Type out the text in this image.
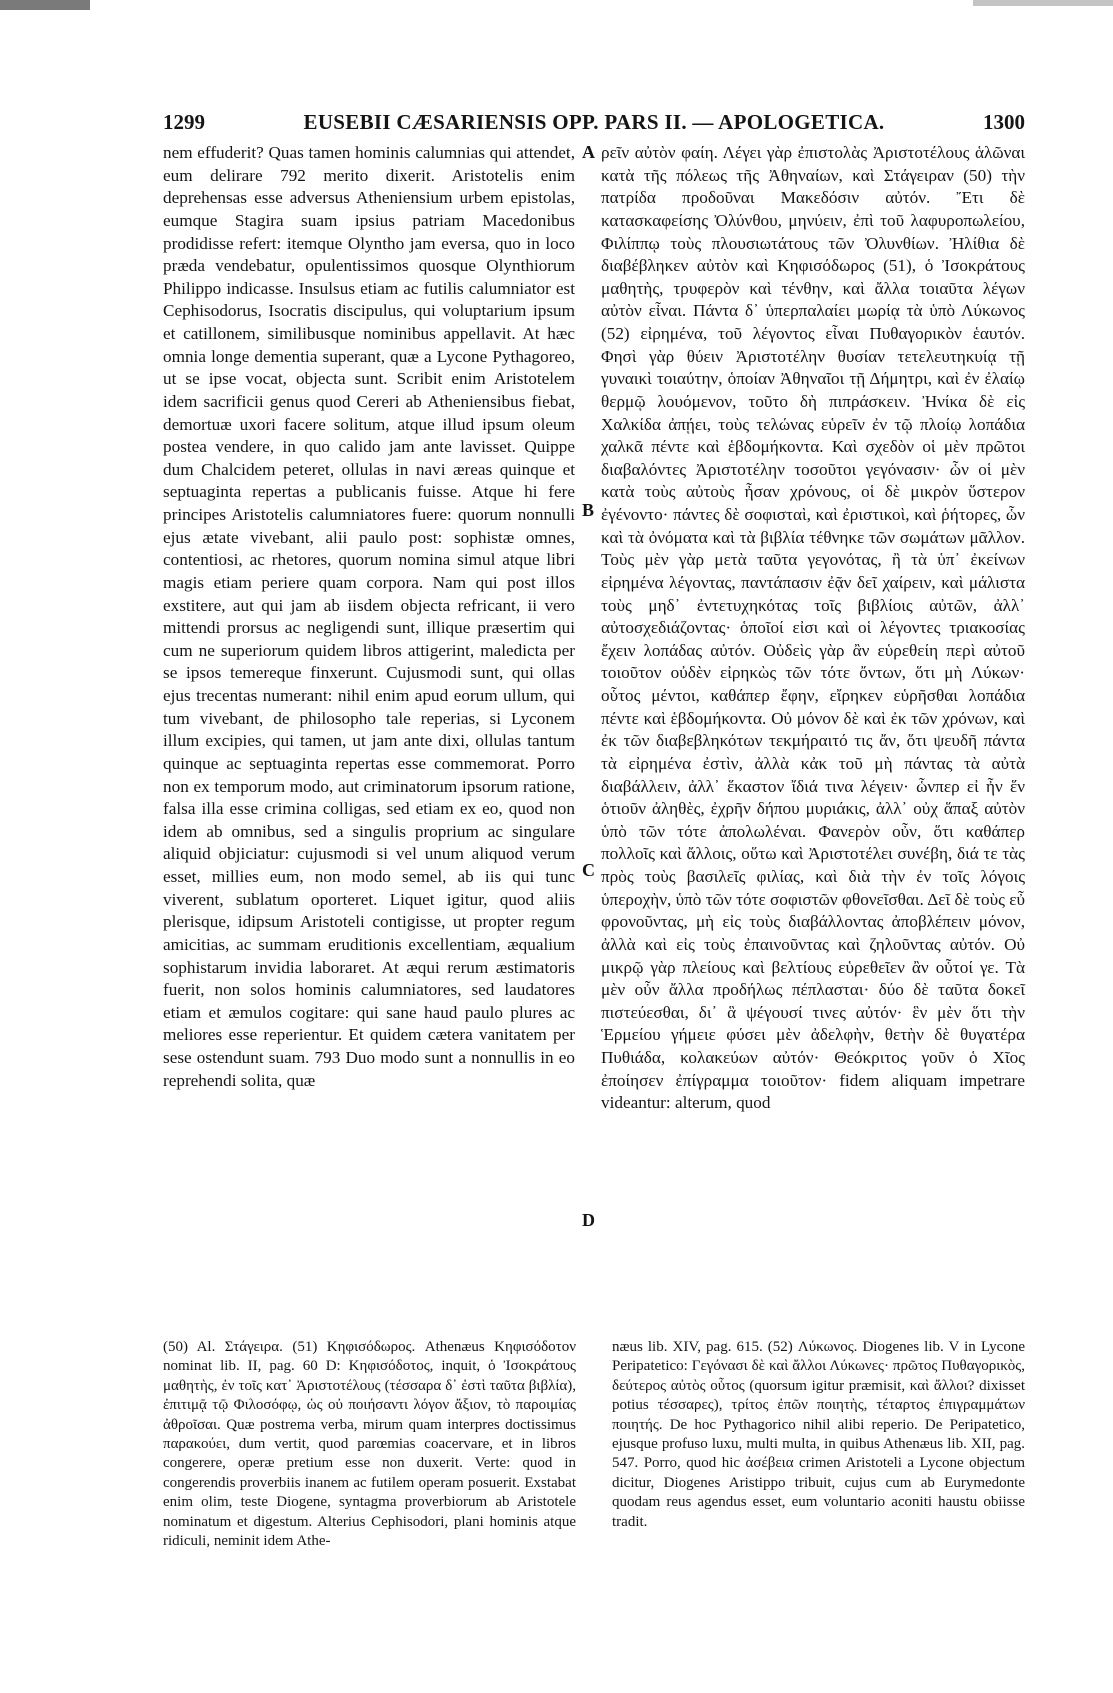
1299	EUSEBII CÆSARIENSIS OPP. PARS II. — APOLOGETICA.	1300

nem effuderit? Quas tamen hominis calumnias qui attendet, eum delirare 792 merito dixerit. Aristotelis enim deprehensas esse adversus Atheniensium urbem epistolas, eumque Stagira suam ipsius patriam Macedonibus prodidisse refert: itemque Olyntho jam eversa, quo in loco præda vendebatur, opulentissimos quosque Olynthiorum Philippo indicasse. Insulsus etiam ac futilis calumniator est Cephisodorus, Isocratis discipulus, qui voluptarium ipsum et catillonem, similibusque nominibus appellavit. At hæc omnia longe dementia superant, quæ a Lycone Pythagoreo, ut se ipse vocat, objecta sunt. Scribit enim Aristotelem idem sacrificii genus quod Cereri ab Atheniensibus fiebat, demortuæ uxori facere solitum, atque illud ipsum oleum postea vendere, in quo calido jam ante lavisset. Quippe dum Chalcidem peteret, ollulas in navi æreas quinque et septuaginta repertas a publicanis fuisse. Atque hi fere principes Aristotelis calumniatores fuere: quorum nonnulli ejus ætate vivebant, alii paulo post: sophistæ omnes, contentiosi, ac rhetores, quorum nomina simul atque libri magis etiam periere quam corpora. Nam qui post illos exstitere, aut qui jam ab iisdem objecta refricant, ii vero mittendi prorsus ac negligendi sunt, illique præsertim qui cum ne superiorum quidem libros attigerint, maledicta per se ipsos temereque finxerunt. Cujusmodi sunt, qui ollas ejus trecentas numerant: nihil enim apud eorum ullum, qui tum vivebant, de philosopho tale reperias, si Lyconem illum excipies, qui tamen, ut jam ante dixi, ollulas tantum quinque ac septuaginta repertas esse commemorat. Porro non ex temporum modo, aut criminatorum ipsorum ratione, falsa illa esse crimina colligas, sed etiam ex eo, quod non idem ab omnibus, sed a singulis proprium ac singulare aliquid objiciatur: cujusmodi si vel unum aliquod verum esset, millies eum, non modo semel, ab iis qui tunc viverent, sublatum oporteret. Liquet igitur, quod aliis plerisque, idipsum Aristoteli contigisse, ut propter regum amicitias, ac summam eruditionis excellentiam, æqualium sophistarum invidia laboraret. At æqui rerum æstimatoris fuerit, non solos hominis calumniatores, sed laudatores etiam et æmulos cogitare: qui sane haud paulo plures ac meliores esse reperientur. Et quidem cætera vanitatem per sese ostendunt suam. 793 Duo modo sunt a nonnullis in eo reprehendi solita, quæ

A
B
C
D

ρεῖν αὐτὸν φαίη. Λέγει γὰρ ἐπιστολὰς Ἀριστοτέλους ἁλῶναι κατὰ τῆς πόλεως τῆς Ἀθηναίων, καὶ Στάγειραν (50) τὴν πατρίδα προδοῦναι Μακεδόσιν αὐτόν. Ἔτι δὲ κατασκαφείσης Ὀλύνθου, μηνύειν, ἐπὶ τοῦ λαφυροπωλείου, Φιλίππῳ τοὺς πλουσιωτάτους τῶν Ὀλυνθίων. Ἠλίθια δὲ διαβέβληκεν αὐτὸν καὶ Κηφισόδωρος (51), ὁ Ἰσοκράτους μαθητὴς, τρυφερὸν καὶ τένθην, καὶ ἄλλα τοιαῦτα λέγων αὐτὸν εἶναι. Πάντα δ᾽ ὑπερπαλαίει μωρίᾳ τὰ ὑπὸ Λύκωνος (52) εἰρημένα, τοῦ λέγοντος εἶναι Πυθαγορικὸν ἑαυτόν. Φησὶ γὰρ θύειν Ἀριστοτέλην θυσίαν τετελευτηκυίᾳ τῇ γυναικὶ τοιαύτην, ὁποίαν Ἀθηναῖοι τῇ Δήμητρι, καὶ ἐν ἐλαίῳ θερμῷ λουόμενον, τοῦτο δὴ πιπράσκειν. Ἠνίκα δὲ εἰς Χαλκίδα ἀπῄει, τοὺς τελώνας εὑρεῖν ἐν τῷ πλοίῳ λοπάδια χαλκᾶ πέντε καὶ ἑβδομήκοντα. Καὶ σχεδὸν οἱ μὲν πρῶτοι διαβαλόντες Ἀριστοτέλην τοσοῦτοι γεγόνασιν· ὧν οἱ μὲν κατὰ τοὺς αὐτοὺς ἦσαν χρόνους, οἱ δὲ μικρὸν ὕστερον ἐγένοντο· πάντες δὲ σοφισταὶ, καὶ ἐριστικοὶ, καὶ ῥήτορες, ὧν καὶ τὰ ὀνόματα καὶ τὰ βιβλία τέθνηκε τῶν σωμάτων μᾶλλον. Τοὺς μὲν γὰρ μετὰ ταῦτα γεγονότας, ἢ τὰ ὑπ᾽ ἐκείνων εἰρημένα λέγοντας, παντάπασιν ἐᾷν δεῖ χαίρειν, καὶ μάλιστα τοὺς μηδ᾽ ἐντετυχηκότας τοῖς βιβλίοις αὐτῶν, ἀλλ᾽ αὐτοσχεδιάζοντας· ὁποῖοί εἰσι καὶ οἱ λέγοντες τριακοσίας ἔχειν λοπάδας αὐτόν. Οὐδεὶς γὰρ ἂν εὑρεθείη περὶ αὐτοῦ τοιοῦτον οὐδὲν εἰρηκὼς τῶν τότε ὄντων, ὅτι μὴ Λύκων· οὗτος μέντοι, καθάπερ ἔφην, εἴρηκεν εὑρῆσθαι λοπάδια πέντε καὶ ἑβδομήκοντα. Οὐ μόνον δὲ καὶ ἐκ τῶν χρόνων, καὶ ἐκ τῶν διαβεβληκότων τεκμήραιτό τις ἄν, ὅτι ψευδῆ πάντα τὰ εἰρημένα ἐστὶν, ἀλλὰ κἀκ τοῦ μὴ πάντας τὰ αὐτὰ διαβάλλειν, ἀλλ᾽ ἕκαστον ἴδιά τινα λέγειν· ὧνπερ εἰ ἦν ἕν ὁτιοῦν ἀληθὲς, ἐχρῆν δήπου μυριάκις, ἀλλ᾽ οὐχ ἅπαξ αὐτὸν ὑπὸ τῶν τότε ἀπολωλέναι. Φανερὸν οὖν, ὅτι καθάπερ πολλοῖς καὶ ἄλλοις, οὕτω καὶ Ἀριστοτέλει συνέβη, διά τε τὰς πρὸς τοὺς βασιλεῖς φιλίας, καὶ διὰ τὴν ἐν τοῖς λόγοις ὑπεροχὴν, ὑπὸ τῶν τότε σοφιστῶν φθονεῖσθαι. Δεῖ δὲ τοὺς εὖ φρονοῦντας, μὴ εἰς τοὺς διαβάλλοντας ἀποβλέπειν μόνον, ἀλλὰ καὶ εἰς τοὺς ἐπαινοῦντας καὶ ζηλοῦντας αὐτόν. Οὐ μικρῷ γὰρ πλείους καὶ βελτίους εὑρεθεῖεν ἂν οὗτοί γε. Τὰ μὲν οὖν ἄλλα προδήλως πέπλασται· δύο δὲ ταῦτα δοκεῖ πιστεύεσθαι, δι᾽ ἃ ψέγουσί τινες αὐτόν· ἓν μὲν ὅτι τὴν Ἑρμείου γήμειε φύσει μὲν ἀδελφὴν, θετὴν δὲ θυγατέρα Πυθιάδα, κολακεύων αὐτόν· Θεόκριτος γοῦν ὁ Χῖος ἐποίησεν ἐπίγραμμα τοιοῦτον· fidem aliquam impetrare videantur: alterum, quod

(50) Al. Στάγειρα. (51) Κηφισόδωρος. Athenæus Κηφισόδοτον nominat lib. II, pag. 60 D: Κηφισόδοτος, inquit, ὁ Ἰσοκράτους μαθητὴς, ἐν τοῖς κατ᾽ Ἀριστοτέλους (τέσσαρα δ᾽ ἐστὶ ταῦτα βιβλία), ἐπιτιμᾷ τῷ Φιλοσόφῳ, ὡς οὐ ποιήσαντι λόγον ἄξιον, τὸ παροιμίας ἀθροῖσαι. Quæ postrema verba, mirum quam interpres doctissimus παρακούει, dum vertit, quod parœmias coacervare, et in libros congerere, operæ pretium esse non duxerit. Verte: quod in congerendis proverbiis inanem ac futilem operam posuerit. Exstabat enim olim, teste Diogene, syntagma proverbiorum ab Aristotele nominatum et digestum. Alterius Cephisodori, plani hominis atque ridiculi, neminit idem Athe-

næus lib. XIV, pag. 615. (52) Λύκωνος. Diogenes lib. V in Lycone Peripatetico: Γεγόνασι δὲ καὶ ἄλλοι Λύκωνες· πρῶτος Πυθαγορικὸς, δεύτερος αὐτὸς οὗτος (quorsum igitur præmisit, καὶ ἄλλοι? dixisset potius τέσσαρες), τρίτος ἐπῶν ποιητὴς, τέταρτος ἐπιγραμμάτων ποιητής. De hoc Pythagorico nihil alibi reperio. De Peripatetico, ejusque profuso luxu, multi multa, in quibus Athenæus lib. XII, pag. 547. Porro, quod hic ἀσέβεια crimen Aristoteli a Lycone objectum dicitur, Diogenes Aristippo tribuit, cujus cum ab Eurymedonte quodam reus agendus esset, eum voluntario aconiti haustu obiisse tradit.
